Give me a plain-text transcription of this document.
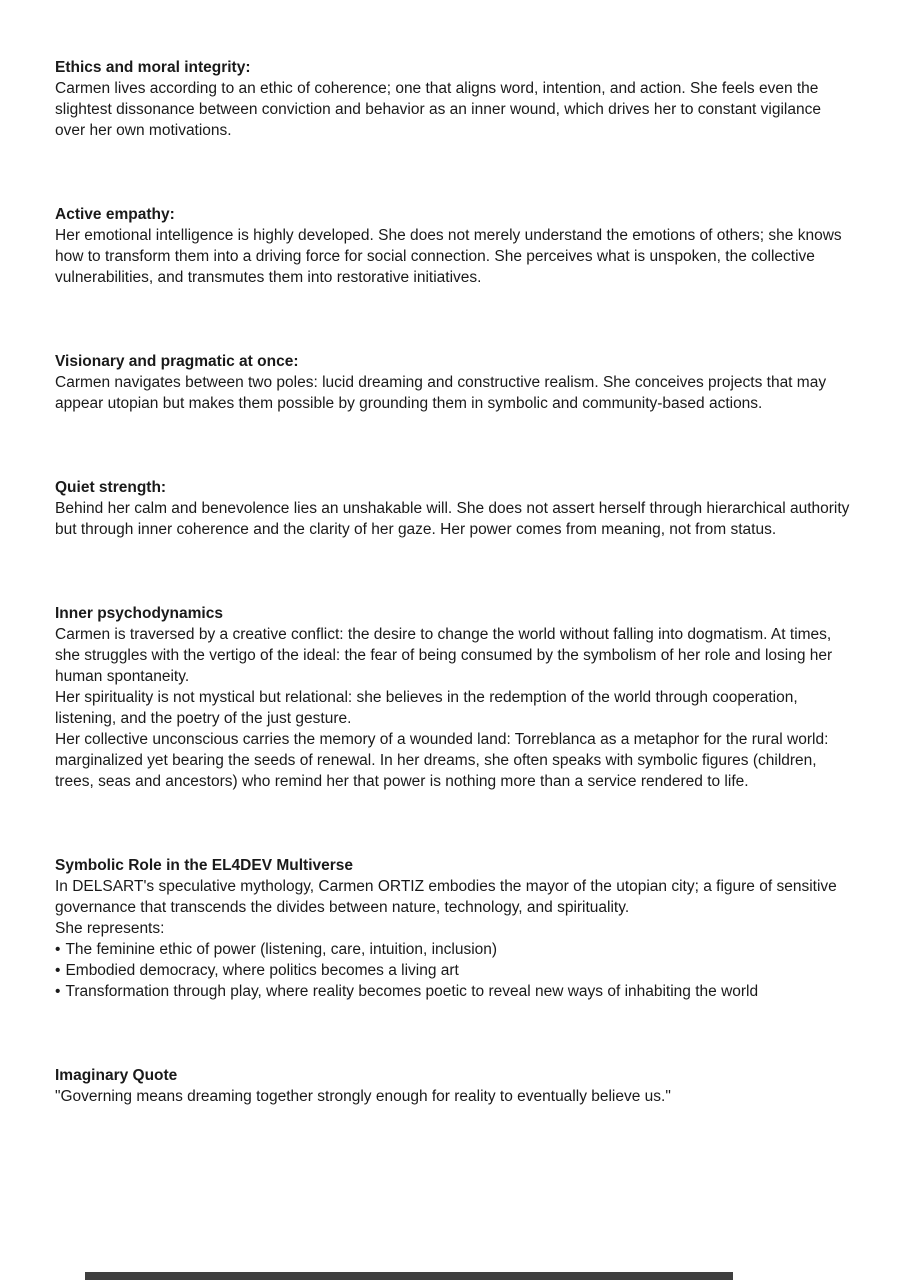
Ethics and moral integrity:
Carmen lives according to an ethic of coherence; one that aligns word, intention, and action. She feels even the slightest dissonance between conviction and behavior as an inner wound, which drives her to constant vigilance over her own motivations.
Active empathy:
Her emotional intelligence is highly developed. She does not merely understand the emotions of others; she knows how to transform them into a driving force for social connection. She perceives what is unspoken, the collective vulnerabilities, and transmutes them into restorative initiatives.
Visionary and pragmatic at once:
Carmen navigates between two poles: lucid dreaming and constructive realism. She conceives projects that may appear utopian but makes them possible by grounding them in symbolic and community-based actions.
Quiet strength:
Behind her calm and benevolence lies an unshakable will. She does not assert herself through hierarchical authority but through inner coherence and the clarity of her gaze. Her power comes from meaning, not from status.
Inner psychodynamics
Carmen is traversed by a creative conflict: the desire to change the world without falling into dogmatism. At times, she struggles with the vertigo of the ideal: the fear of being consumed by the symbolism of her role and losing her human spontaneity.
Her spirituality is not mystical but relational: she believes in the redemption of the world through cooperation, listening, and the poetry of the just gesture.
Her collective unconscious carries the memory of a wounded land: Torreblanca as a metaphor for the rural world: marginalized yet bearing the seeds of renewal. In her dreams, she often speaks with symbolic figures (children, trees, seas and ancestors) who remind her that power is nothing more than a service rendered to life.
Symbolic Role in the EL4DEV Multiverse
In DELSART's speculative mythology, Carmen ORTIZ embodies the mayor of the utopian city; a figure of sensitive governance that transcends the divides between nature, technology, and spirituality.
She represents:
• The feminine ethic of power (listening, care, intuition, inclusion)
• Embodied democracy, where politics becomes a living art
• Transformation through play, where reality becomes poetic to reveal new ways of inhabiting the world
Imaginary Quote
"Governing means dreaming together strongly enough for reality to eventually believe us."
